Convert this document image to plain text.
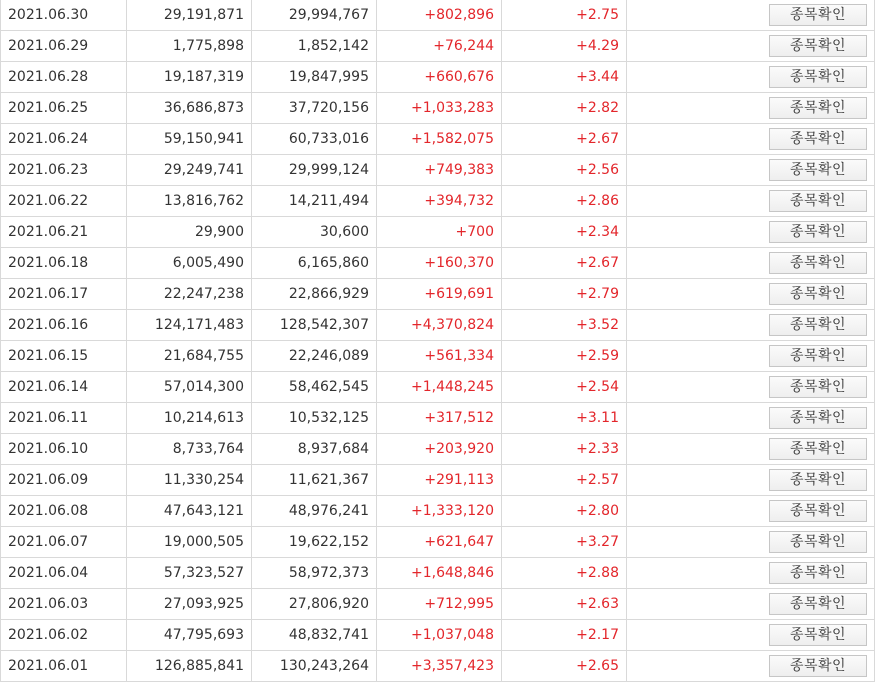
2021.06.30	29,191,871	29,994,767	+802,896	+2.75	종목확인
2021.06.29	1,775,898	1,852,142	+76,244	+4.29	종목확인
2021.06.28	19,187,319	19,847,995	+660,676	+3.44	종목확인
2021.06.25	36,686,873	37,720,156	+1,033,283	+2.82	종목확인
2021.06.24	59,150,941	60,733,016	+1,582,075	+2.67	종목확인
2021.06.23	29,249,741	29,999,124	+749,383	+2.56	종목확인
2021.06.22	13,816,762	14,211,494	+394,732	+2.86	종목확인
2021.06.21	29,900	30,600	+700	+2.34	종목확인
2021.06.18	6,005,490	6,165,860	+160,370	+2.67	종목확인
2021.06.17	22,247,238	22,866,929	+619,691	+2.79	종목확인
2021.06.16	124,171,483	128,542,307	+4,370,824	+3.52	종목확인
2021.06.15	21,684,755	22,246,089	+561,334	+2.59	종목확인
2021.06.14	57,014,300	58,462,545	+1,448,245	+2.54	종목확인
2021.06.11	10,214,613	10,532,125	+317,512	+3.11	종목확인
2021.06.10	8,733,764	8,937,684	+203,920	+2.33	종목확인
2021.06.09	11,330,254	11,621,367	+291,113	+2.57	종목확인
2021.06.08	47,643,121	48,976,241	+1,333,120	+2.80	종목확인
2021.06.07	19,000,505	19,622,152	+621,647	+3.27	종목확인
2021.06.04	57,323,527	58,972,373	+1,648,846	+2.88	종목확인
2021.06.03	27,093,925	27,806,920	+712,995	+2.63	종목확인
2021.06.02	47,795,693	48,832,741	+1,037,048	+2.17	종목확인
2021.06.01	126,885,841	130,243,264	+3,357,423	+2.65	종목확인
